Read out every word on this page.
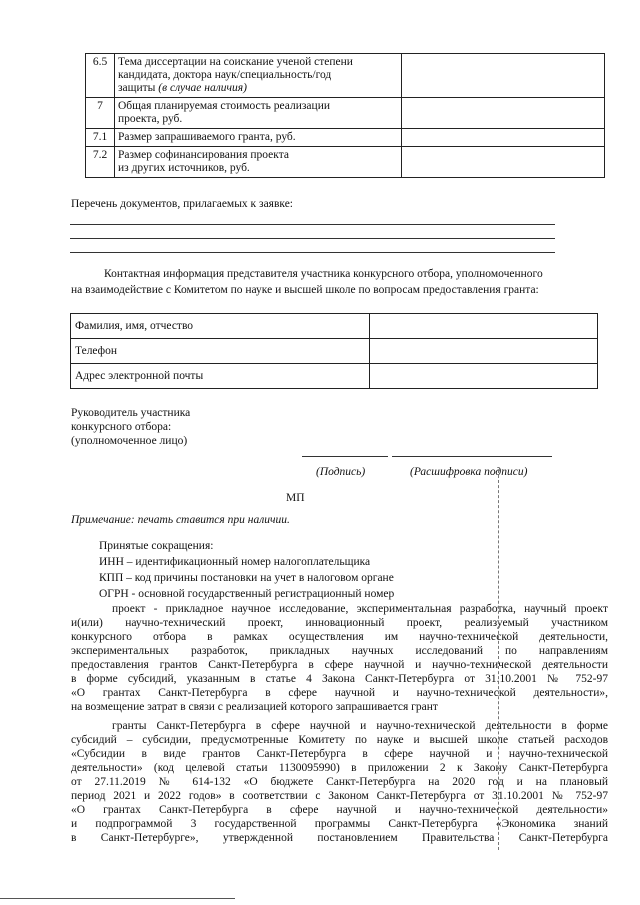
6.5	Тема диссертации на соискание ученой степени
кандидата, доктора наук/специальность/год
защиты (в случае наличия)	

7	Общая планируемая стоимость реализации
проекта, руб.	

7.1	Размер запрашиваемого гранта, руб.	

7.2	Размер софинансирования проекта
из других источников, руб.	

Перечень документов, прилагаемых к заявке:
Контактная информация представителя участника конкурсного отбора, уполномоченного
на взаимодействие с Комитетом по науке и высшей школе по вопросам предоставления гранта:
Фамилия, имя, отчество	
Телефон	
Адрес электронной почты	
Руководитель участника
конкурсного отбора:
(уполномоченное лицо)
(Подпись)	(Расшифровка подписи)
МП
Примечание: печать ставится при наличии.
Принятые сокращения:
ИНН – идентификационный номер налогоплательщика
КПП – код причины постановки на учет в налоговом органе
ОГРН - основной государственный регистрационный номер
проект - прикладное научное исследование, экспериментальная разработка, научный проект
и(или) научно-технический проект, инновационный проект, реализуемый участником
конкурсного отбора в рамках осуществления им научно-технической деятельности,
экспериментальных разработок, прикладных научных исследований по направлениям
предоставления грантов Санкт-Петербурга в сфере научной и научно-технической деятельности
в форме субсидий, указанным в статье 4 Закона Санкт-Петербурга от 31.10.2001 № 752-97
«О грантах Санкт-Петербурга в сфере научной и научно-технической деятельности»,
на возмещение затрат в связи с реализацией которого запрашивается грант
гранты Санкт-Петербурга в сфере научной и научно-технической деятельности в форме
субсидий – субсидии, предусмотренные Комитету по науке и высшей школе статьей расходов
«Субсидии в виде грантов Санкт-Петербурга в сфере научной и научно-технической
деятельности» (код целевой статьи 1130095990) в приложении 2 к Закону Санкт-Петербурга
от 27.11.2019 № 614-132 «О бюджете Санкт-Петербурга на 2020 год и на плановый
период 2021 и 2022 годов» в соответствии с Законом Санкт-Петербурга от 31.10.2001 № 752-97
«О грантах Санкт-Петербурга в сфере научной и научно-технической деятельности»
и подпрограммой 3 государственной программы Санкт-Петербурга «Экономика знаний
в Санкт-Петербурге», утвержденной постановлением Правительства Санкт-Петербурга
